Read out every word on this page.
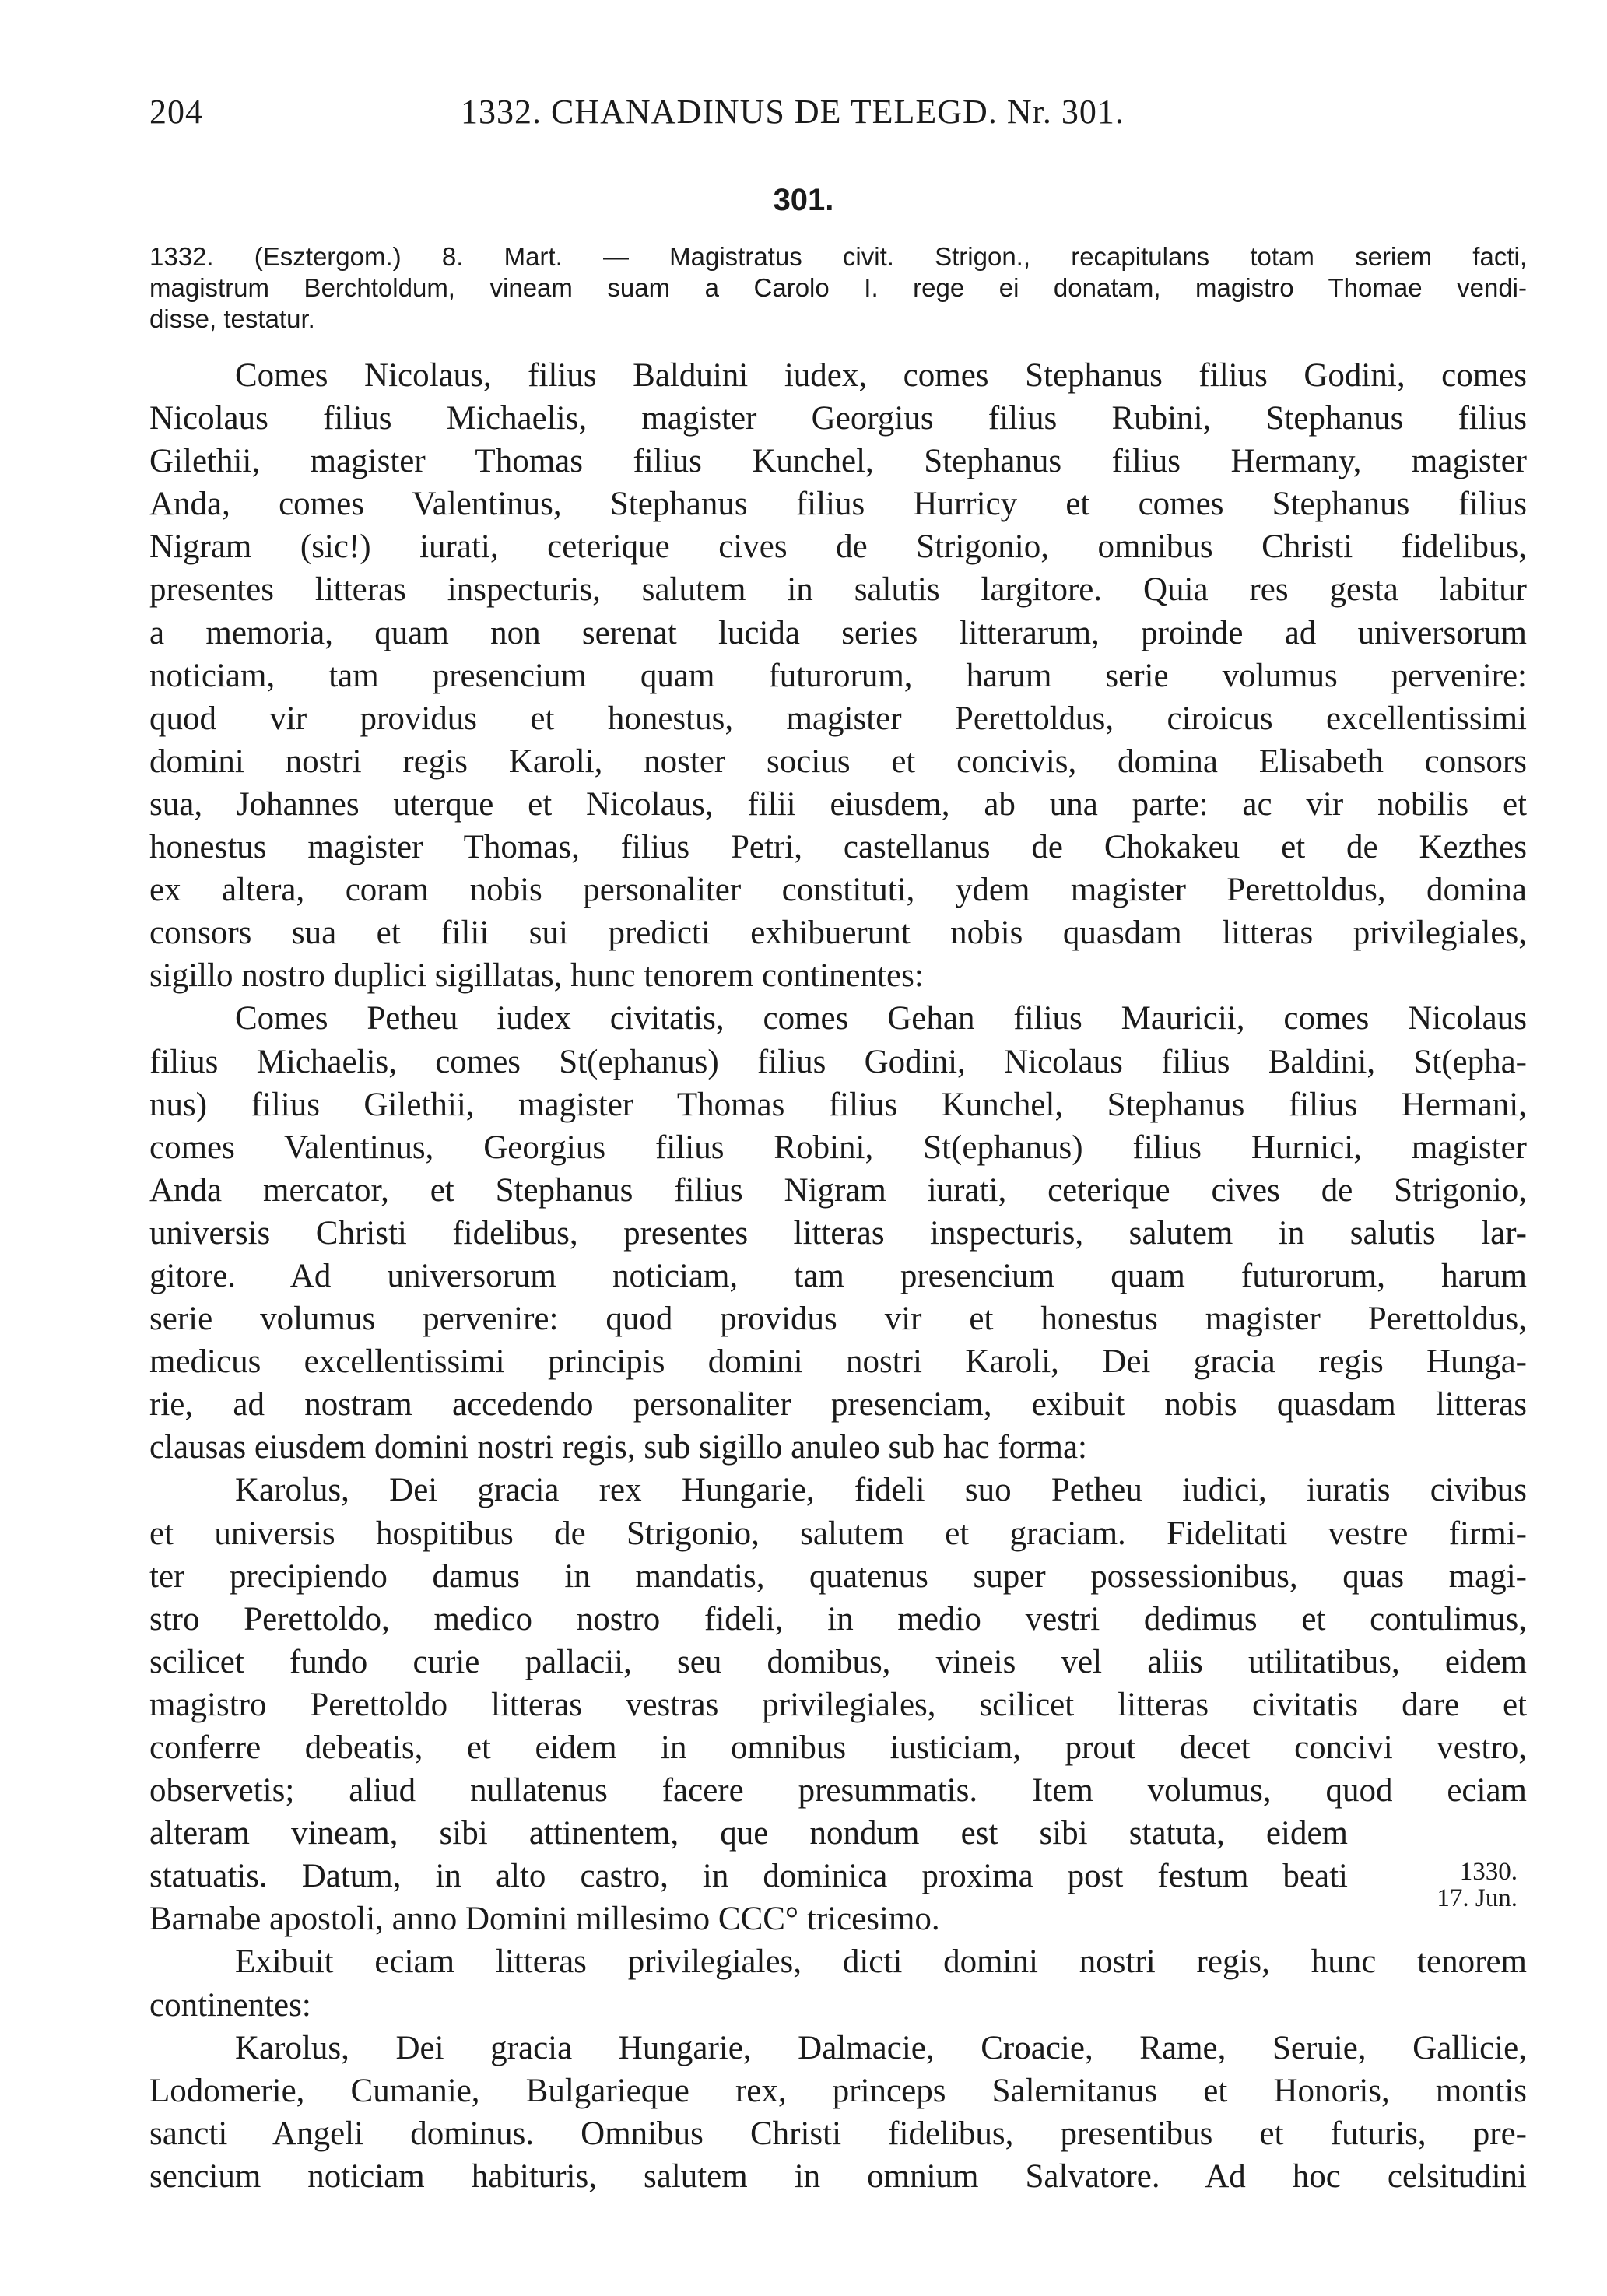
204	1332. CHANADINUS DE TELEGD. Nr. 301.
301.
1332. (Esztergom.) 8. Mart. — Magistratus civit. Strigon., recapitulans totam seriem facti,
magistrum Berchtoldum, vineam suam a Carolo I. rege ei donatam, magistro Thomae vendi-
disse, testatur.
Comes Nicolaus, filius Balduini iudex, comes Stephanus filius Godini, comes
Nicolaus filius Michaelis, magister Georgius filius Rubini, Stephanus filius
Gilethii, magister Thomas filius Kunchel, Stephanus filius Hermany, magister
Anda, comes Valentinus, Stephanus filius Hurricy et comes Stephanus filius
Nigram (sic!) iurati, ceterique cives de Strigonio, omnibus Christi fidelibus,
presentes litteras inspecturis, salutem in salutis largitore. Quia res gesta labitur
a memoria, quam non serenat lucida series litterarum, proinde ad universorum
noticiam, tam presencium quam futurorum, harum serie volumus pervenire:
quod vir providus et honestus, magister Perettoldus, ciroicus excellentissimi
domini nostri regis Karoli, noster socius et concivis, domina Elisabeth consors
sua, Johannes uterque et Nicolaus, filii eiusdem, ab una parte: ac vir nobilis et
honestus magister Thomas, filius Petri, castellanus de Chokakeu et de Kezthes
ex altera, coram nobis personaliter constituti, ydem magister Perettoldus, domina
consors sua et filii sui predicti exhibuerunt nobis quasdam litteras privilegiales,
sigillo nostro duplici sigillatas, hunc tenorem continentes:
Comes Petheu iudex civitatis, comes Gehan filius Mauricii, comes Nicolaus
filius Michaelis, comes St(ephanus) filius Godini, Nicolaus filius Baldini, St(epha-
nus) filius Gilethii, magister Thomas filius Kunchel, Stephanus filius Hermani,
comes Valentinus, Georgius filius Robini, St(ephanus) filius Hurnici, magister
Anda mercator, et Stephanus filius Nigram iurati, ceterique cives de Strigonio,
universis Christi fidelibus, presentes litteras inspecturis, salutem in salutis lar-
gitore. Ad universorum noticiam, tam presencium quam futurorum, harum
serie volumus pervenire: quod providus vir et honestus magister Perettoldus,
medicus excellentissimi principis domini nostri Karoli, Dei gracia regis Hunga-
rie, ad nostram accedendo personaliter presenciam, exibuit nobis quasdam litteras
clausas eiusdem domini nostri regis, sub sigillo anuleo sub hac forma:
Karolus, Dei gracia rex Hungarie, fideli suo Petheu iudici, iuratis civibus
et universis hospitibus de Strigonio, salutem et graciam. Fidelitati vestre firmi-
ter precipiendo damus in mandatis, quatenus super possessionibus, quas magi-
stro Perettoldo, medico nostro fideli, in medio vestri dedimus et contulimus,
scilicet fundo curie pallacii, seu domibus, vineis vel aliis utilitatibus, eidem
magistro Perettoldo litteras vestras privilegiales, scilicet litteras civitatis dare et
conferre debeatis, et eidem in omnibus iusticiam, prout decet concivi vestro,
observetis; aliud nullatenus facere presummatis. Item volumus, quod eciam
alteram vineam, sibi attinentem, que nondum est sibi statuta, eidem
statuatis. Datum, in alto castro, in dominica proxima post festum beati
Barnabe apostoli, anno Domini millesimo CCC° tricesimo.
Exibuit eciam litteras privilegiales, dicti domini nostri regis, hunc tenorem
continentes:
Karolus, Dei gracia Hungarie, Dalmacie, Croacie, Rame, Seruie, Gallicie,
Lodomerie, Cumanie, Bulgarieque rex, princeps Salernitanus et Honoris, montis
sancti Angeli dominus. Omnibus Christi fidelibus, presentibus et futuris, pre-
sencium noticiam habituris, salutem in omnium Salvatore. Ad hoc celsitudini
1330.
17. Jun.
